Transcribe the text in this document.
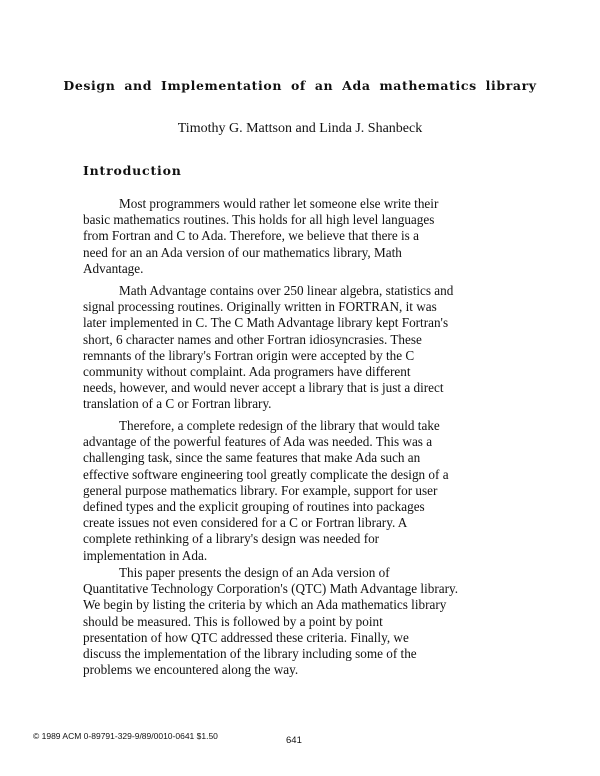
Design and Implementation of an Ada mathematics library
Timothy G. Mattson and Linda J. Shanbeck
Introduction
Most programmers would rather let someone else write their
basic mathematics routines. This holds for all high level languages
from Fortran and C to Ada. Therefore, we believe that there is a
need for an an Ada version of our mathematics library, Math
Advantage.
Math Advantage contains over 250 linear algebra, statistics and
signal processing routines. Originally written in FORTRAN, it was
later implemented in C. The C Math Advantage library kept Fortran's
short, 6 character names and other Fortran idiosyncrasies. These
remnants of the library's Fortran origin were accepted by the C
community without complaint. Ada programers have different
needs, however, and would never accept a library that is just a direct
translation of a C or Fortran library.
Therefore, a complete redesign of the library that would take
advantage of the powerful features of Ada was needed. This was a
challenging task, since the same features that make Ada such an
effective software engineering tool greatly complicate the design of a
general purpose mathematics library. For example, support for user
defined types and the explicit grouping of routines into packages
create issues not even considered for a C or Fortran library. A
complete rethinking of a library's design was needed for
implementation in Ada.
This paper presents the design of an Ada version of
Quantitative Technology Corporation's (QTC) Math Advantage library.
We begin by listing the criteria by which an Ada mathematics library
should be measured. This is followed by a point by point
presentation of how QTC addressed these criteria. Finally, we
discuss the implementation of the library including some of the
problems we encountered along the way.
© 1989 ACM 0-89791-329-9/89/0010-0641 $1.50	641
